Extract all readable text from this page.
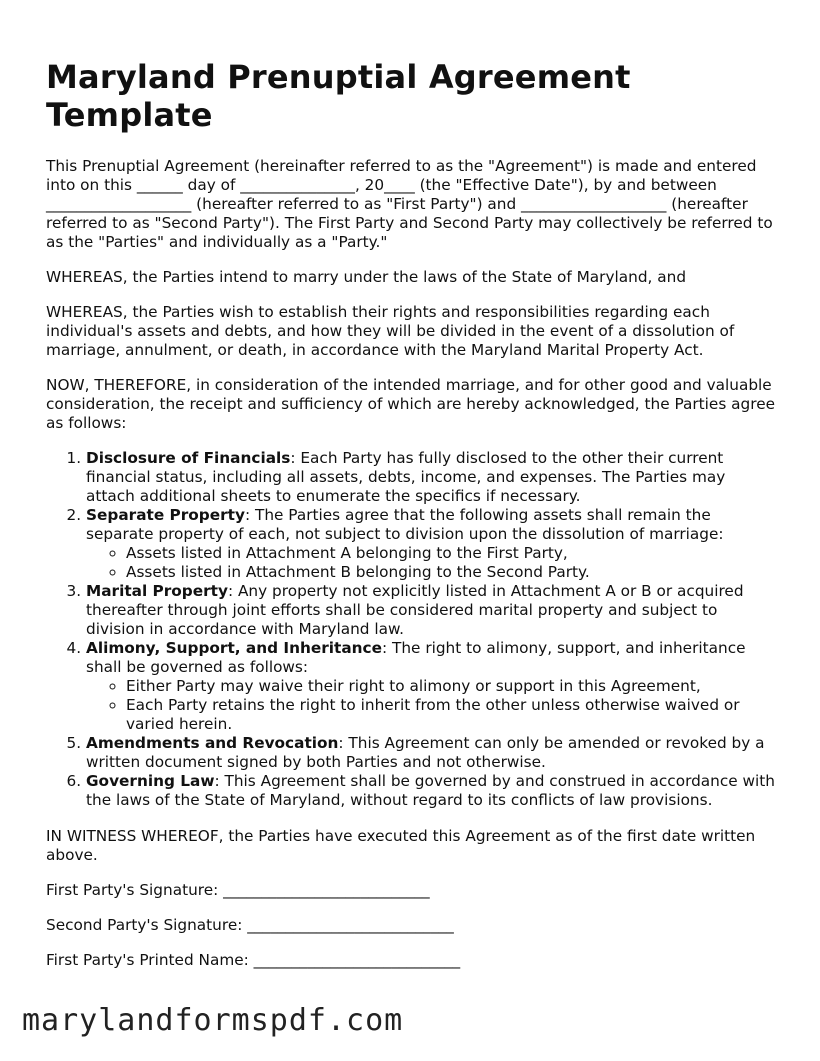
Maryland Prenuptial Agreement Template

This Prenuptial Agreement (hereinafter referred to as the "Agreement") is made and entered into on this ______ day of _______________, 20____ (the "Effective Date"), by and between ___________________ (hereafter referred to as "First Party") and ___________________ (hereafter referred to as "Second Party"). The First Party and Second Party may collectively be referred to as the "Parties" and individually as a "Party."

WHEREAS, the Parties intend to marry under the laws of the State of Maryland, and

WHEREAS, the Parties wish to establish their rights and responsibilities regarding each individual's assets and debts, and how they will be divided in the event of a dissolution of marriage, annulment, or death, in accordance with the Maryland Marital Property Act.

NOW, THEREFORE, in consideration of the intended marriage, and for other good and valuable consideration, the receipt and sufficiency of which are hereby acknowledged, the Parties agree as follows:

1. Disclosure of Financials: Each Party has fully disclosed to the other their current financial status, including all assets, debts, income, and expenses. The Parties may attach additional sheets to enumerate the specifics if necessary.
2. Separate Property: The Parties agree that the following assets shall remain the separate property of each, not subject to division upon the dissolution of marriage:
◦ Assets listed in Attachment A belonging to the First Party,
◦ Assets listed in Attachment B belonging to the Second Party.
3. Marital Property: Any property not explicitly listed in Attachment A or B or acquired thereafter through joint efforts shall be considered marital property and subject to division in accordance with Maryland law.
4. Alimony, Support, and Inheritance: The right to alimony, support, and inheritance shall be governed as follows:
◦ Either Party may waive their right to alimony or support in this Agreement,
◦ Each Party retains the right to inherit from the other unless otherwise waived or varied herein.
5. Amendments and Revocation: This Agreement can only be amended or revoked by a written document signed by both Parties and not otherwise.
6. Governing Law: This Agreement shall be governed by and construed in accordance with the laws of the State of Maryland, without regard to its conflicts of law provisions.

IN WITNESS WHEREOF, the Parties have executed this Agreement as of the first date written above.

First Party's Signature: ___________________________
Second Party's Signature: ___________________________
First Party's Printed Name: ___________________________
marylandformspdf.com
